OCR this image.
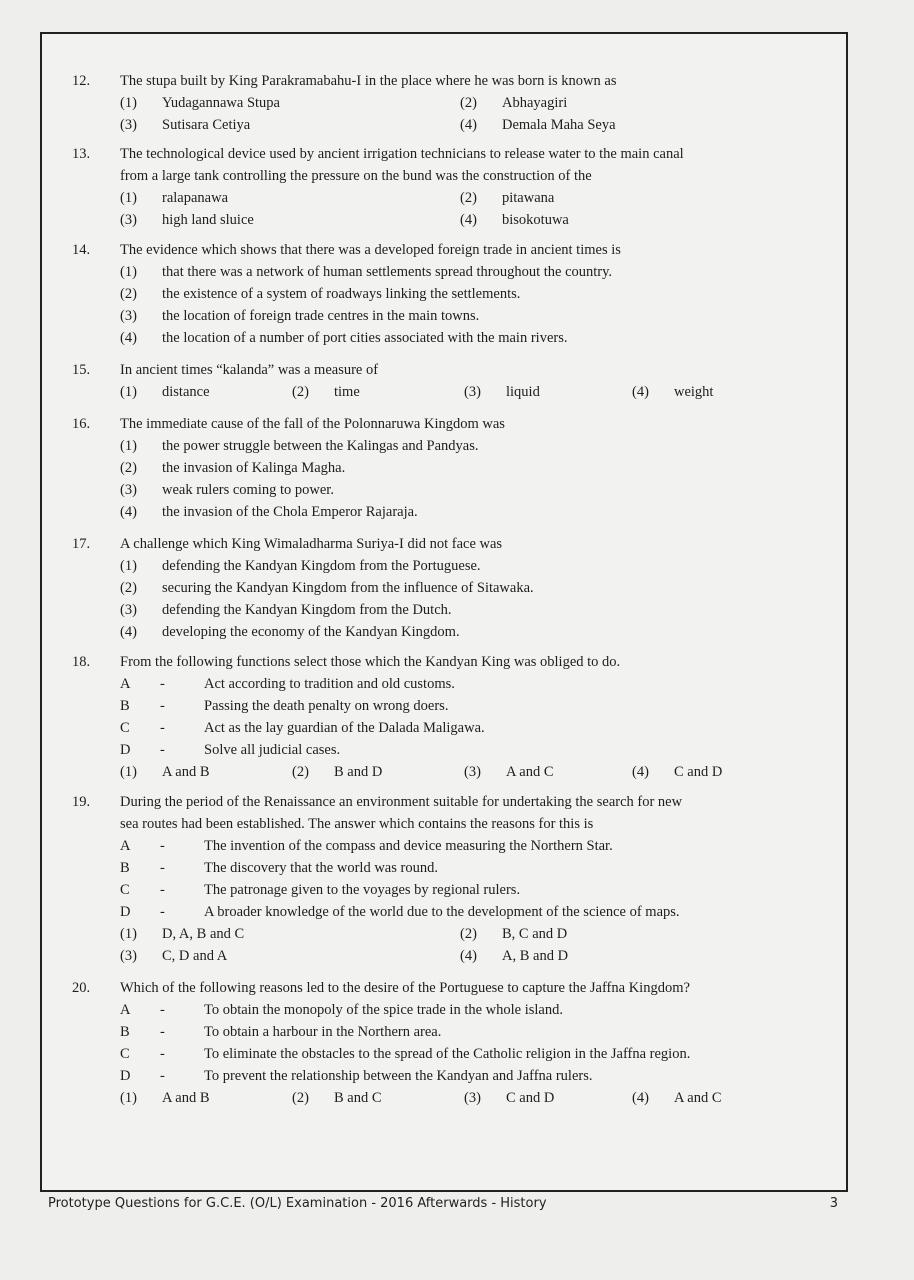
12.	The stupa built by King Parakramabahu-I in the place where he was born is known as
(1) Yudagannawa Stupa	(2) Abhayagiri
(3) Sutisara Cetiya	(4) Demala Maha Seya
13.	The technological device used by ancient irrigation technicians to release water to the main canal
from a large tank controlling the pressure on the bund was the construction of the
(1) ralapanawa	(2) pitawana
(3) high land sluice	(4) bisokotuwa
14.	The evidence which shows that there was a developed foreign trade in ancient times is
(1) that there was a network of human settlements spread throughout the country.
(2) the existence of a system of roadways linking the settlements.
(3) the location of foreign trade centres in the main towns.
(4) the location of a number of port cities associated with the main rivers.
15.	In ancient times “kalanda” was a measure of
(1) distance	(2) time	(3) liquid	(4) weight
16.	The immediate cause of the fall of the Polonnaruwa Kingdom was
(1) the power struggle between the Kalingas and Pandyas.
(2) the invasion of Kalinga Magha.
(3) weak rulers coming to power.
(4) the invasion of the Chola Emperor Rajaraja.
17.	A challenge which King Wimaladharma Suriya-I did not face was
(1) defending the Kandyan Kingdom from the Portuguese.
(2) securing the Kandyan Kingdom from the influence of Sitawaka.
(3) defending the Kandyan Kingdom from the Dutch.
(4) developing the economy of the Kandyan Kingdom.
18.	From the following functions select those which the Kandyan King was obliged to do.
A -	Act according to tradition and old customs.
B -	Passing the death penalty on wrong doers.
C -	Act as the lay guardian of the Dalada Maligawa.
D -	Solve all judicial cases.
(1) A and B	(2) B and D	(3) A and C	(4) C and D
19.	During the period of the Renaissance an environment suitable for undertaking the search for new
sea routes had been established. The answer which contains the reasons for this is
A -	The invention of the compass and device measuring the Northern Star.
B -	The discovery that the world was round.
C -	The patronage given to the voyages by regional rulers.
D -	A broader knowledge of the world due to the development of the science of maps.
(1) D, A, B and C	(2) B, C and D
(3) C, D and A	(4) A, B and D
20.	Which of the following reasons led to the desire of the Portuguese to capture the Jaffna Kingdom?
A -	To obtain the monopoly of the spice trade in the whole island.
B -	To obtain a harbour in the Northern area.
C -	To eliminate the obstacles to the spread of the Catholic religion in the Jaffna region.
D -	To prevent the relationship between the Kandyan and Jaffna rulers.
(1) A and B	(2) B and C	(3) C and D	(4) A and C
Prototype Questions for G.C.E. (O/L) Examination - 2016 Afterwards - History	3
